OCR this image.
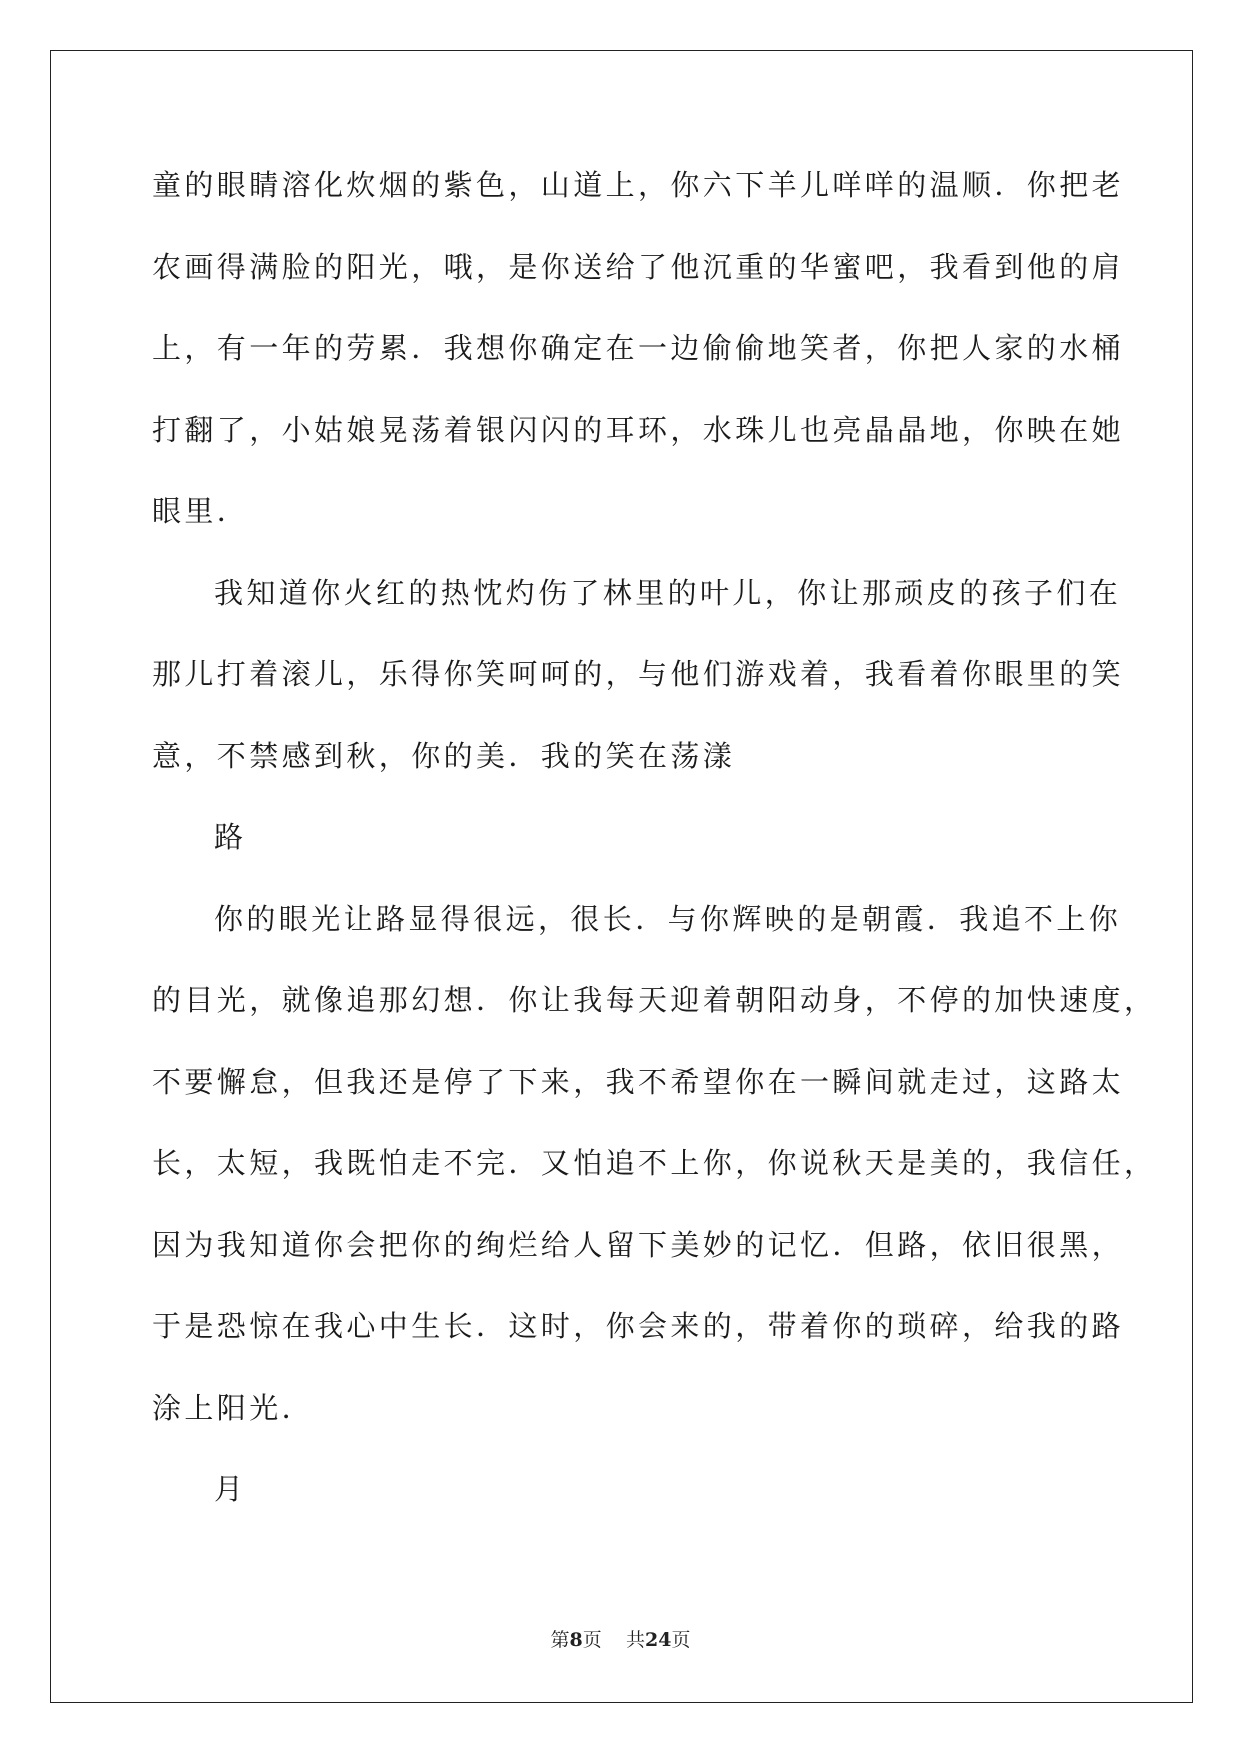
童的眼睛溶化炊烟的紫色，山道上，你六下羊儿咩咩的温顺．你把老
农画得满脸的阳光，哦，是你送给了他沉重的华蜜吧，我看到他的肩
上，有一年的劳累．我想你确定在一边偷偷地笑者，你把人家的水桶
打翻了，小姑娘晃荡着银闪闪的耳环，水珠儿也亮晶晶地，你映在她
眼里．
我知道你火红的热忱灼伤了林里的叶儿，你让那顽皮的孩子们在
那儿打着滚儿，乐得你笑呵呵的，与他们游戏着，我看着你眼里的笑
意，不禁感到秋，你的美．我的笑在荡漾
路
你的眼光让路显得很远，很长．与你辉映的是朝霞．我追不上你
的目光，就像追那幻想．你让我每天迎着朝阳动身，不停的加快速度，
不要懈怠，但我还是停了下来，我不希望你在一瞬间就走过，这路太
长，太短，我既怕走不完．又怕追不上你，你说秋天是美的，我信任，
因为我知道你会把你的绚烂给人留下美妙的记忆．但路，依旧很黑，
于是恐惊在我心中生长．这时，你会来的，带着你的琐碎，给我的路
涂上阳光．
月
第8页 共24页
